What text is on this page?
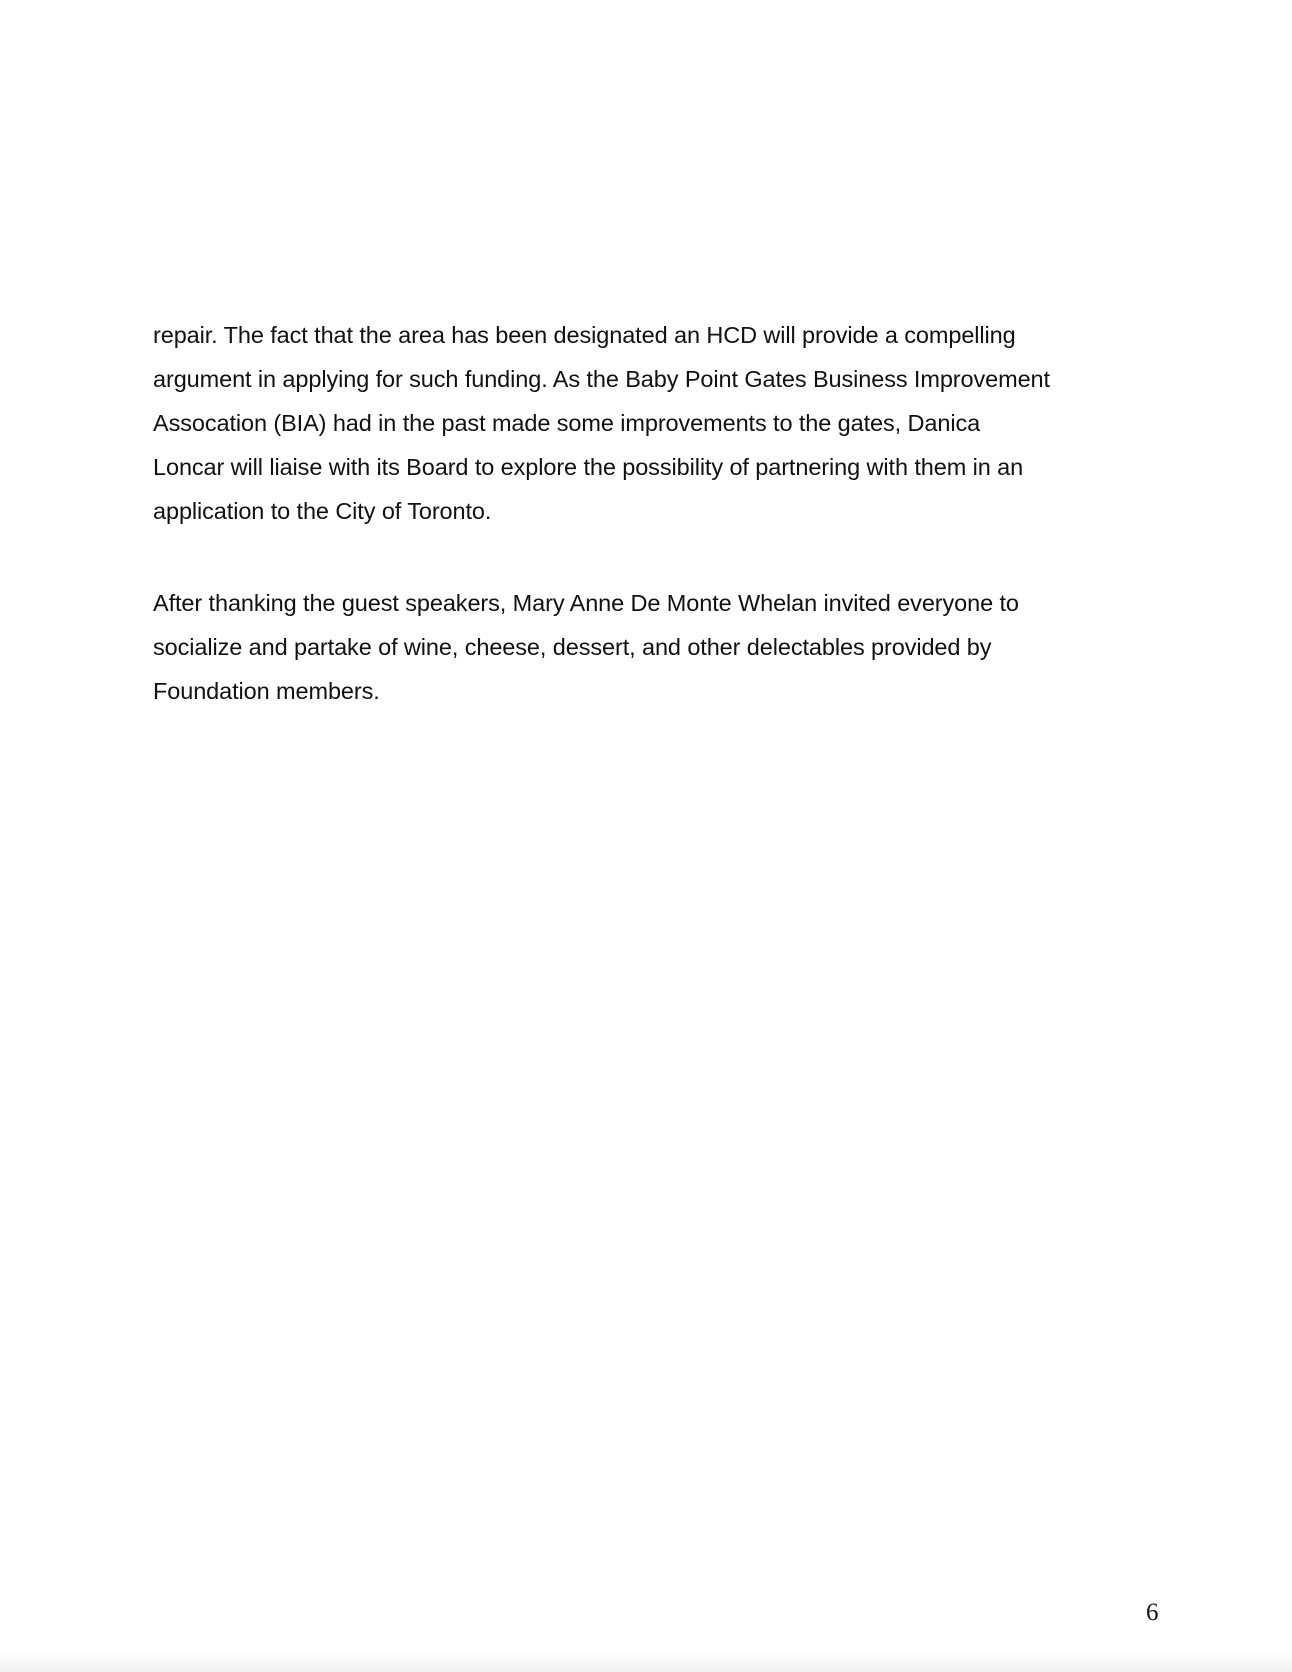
repair. The fact that the area has been designated an HCD will provide a compelling
argument in applying for such funding. As the Baby Point Gates Business Improvement
Assocation (BIA) had in the past made some improvements to the gates, Danica
Loncar will liaise with its Board to explore the possibility of partnering with them in an
application to the City of Toronto.

After thanking the guest speakers, Mary Anne De Monte Whelan invited everyone to
socialize and partake of wine, cheese, dessert, and other delectables provided by
Foundation members.

6
